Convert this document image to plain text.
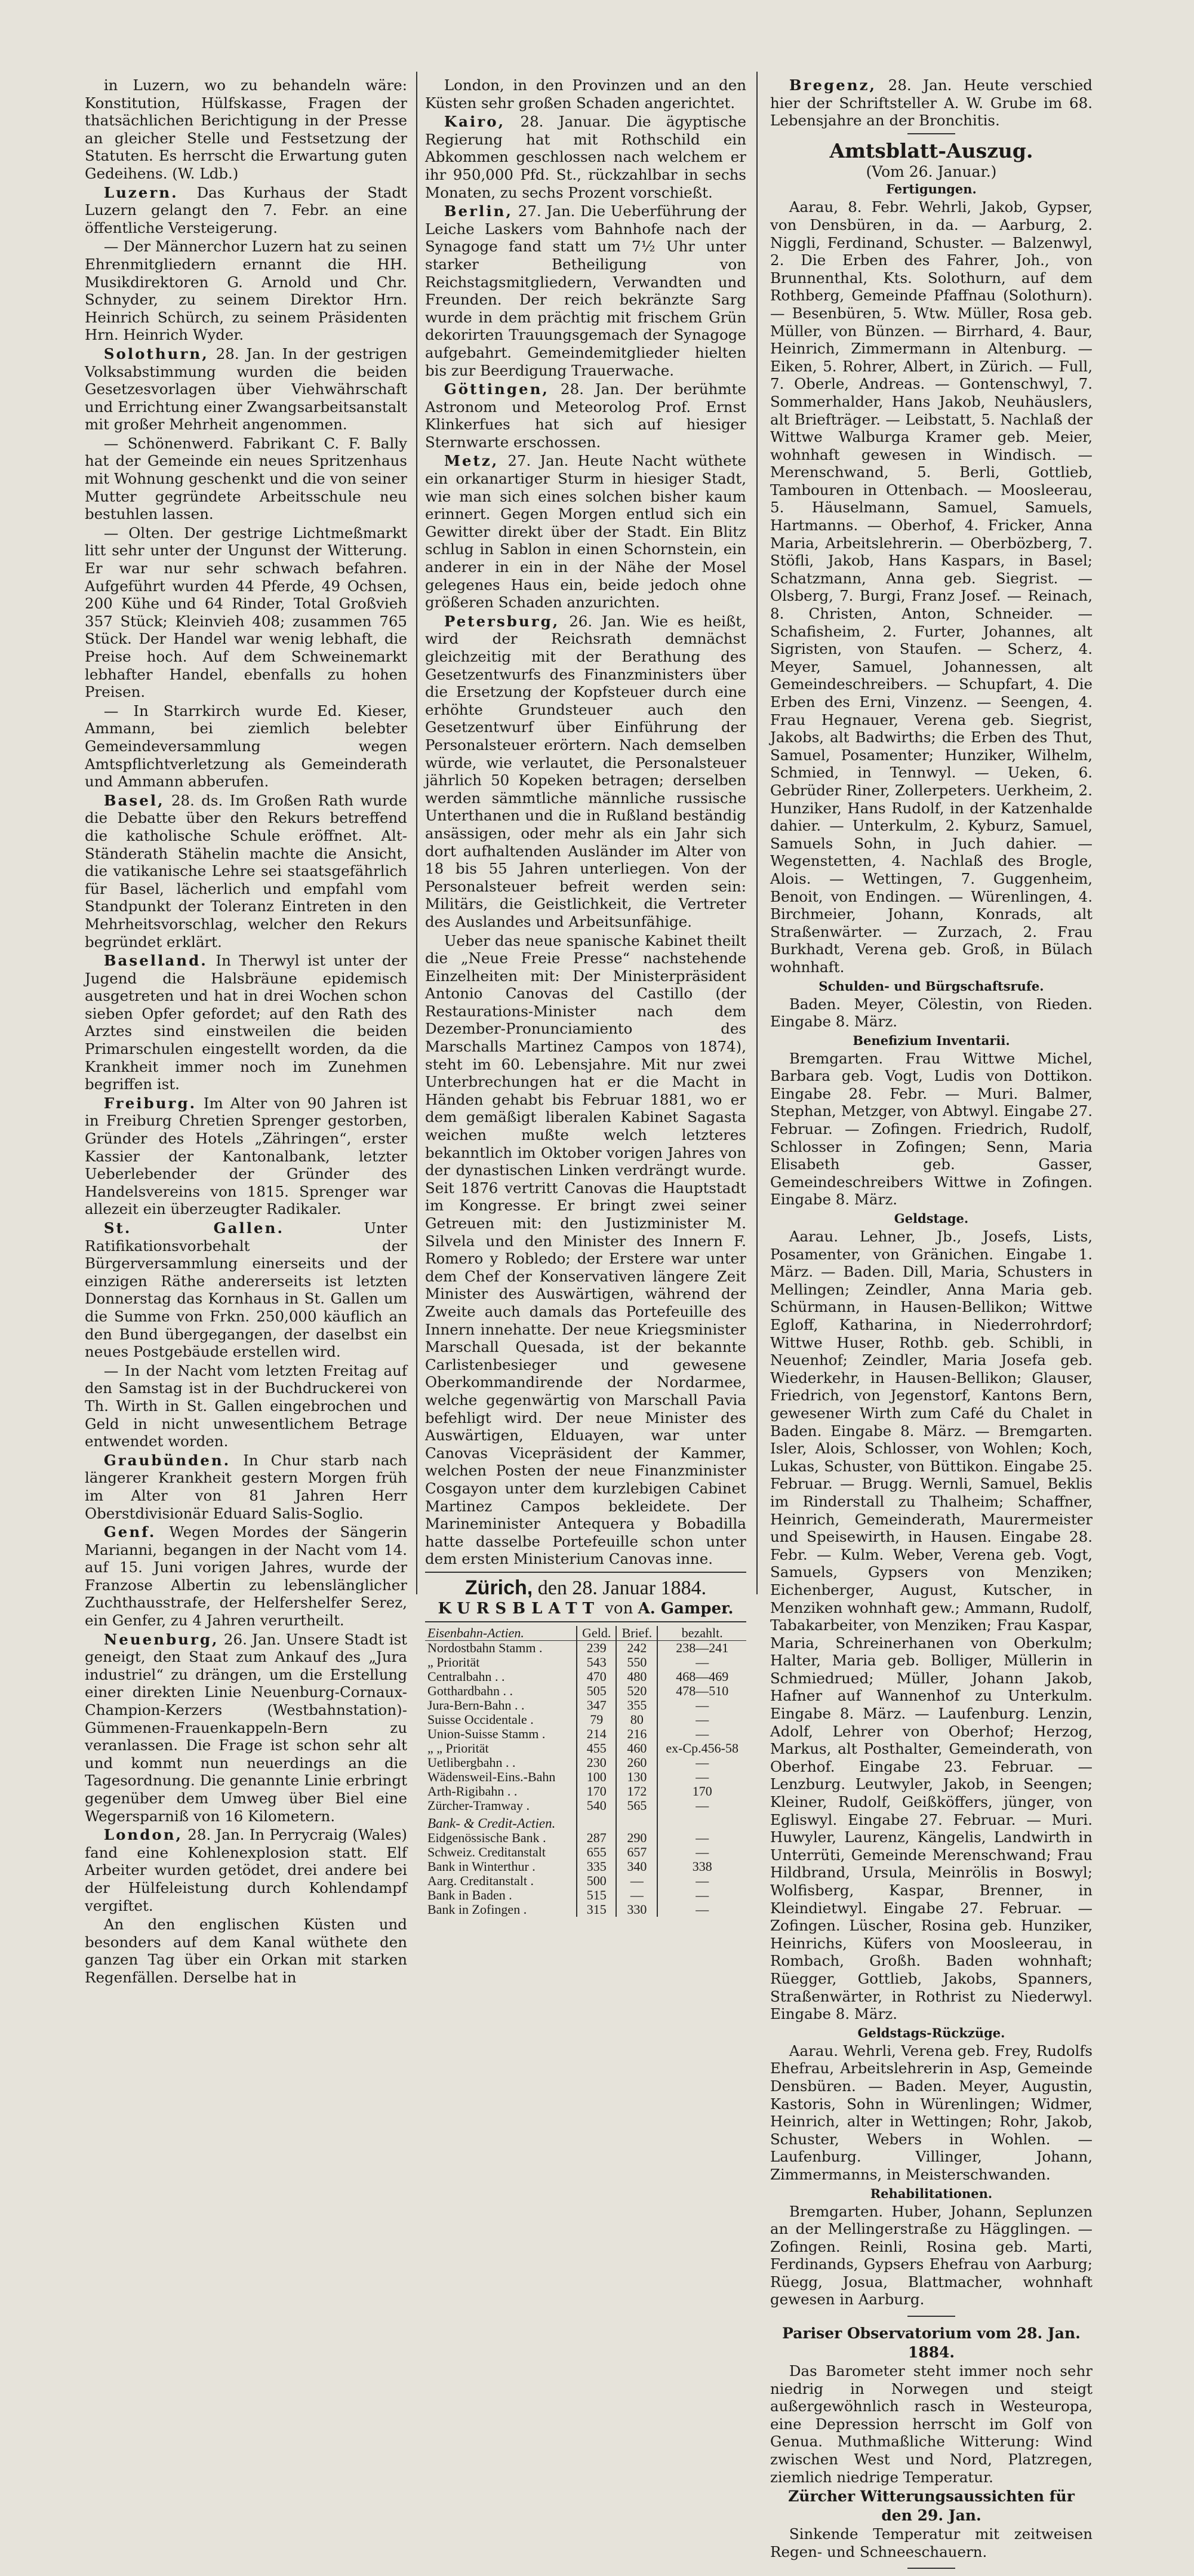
in Luzern, wo zu behandeln wäre: Konstitution, Hülfskasse, Fragen der thatsächlichen Berichtigung in der Presse an gleicher Stelle und Festsetzung der Statuten. Es herrscht die Erwartung guten Gedeihens. (W. Ldb.)

Luzern. Das Kurhaus der Stadt Luzern gelangt den 7. Febr. an eine öffentliche Versteigerung.

— Der Männerchor Luzern hat zu seinen Ehrenmitgliedern ernannt die HH. Musikdirektoren G. Arnold und Chr. Schnyder, zu seinem Direktor Hrn. Heinrich Schürch, zu seinem Präsidenten Hrn. Heinrich Wyder.

Solothurn, 28. Jan. In der gestrigen Volksabstimmung wurden die beiden Gesetzesvorlagen über Viehwährschaft und Errichtung einer Zwangsarbeitsanstalt mit großer Mehrheit angenommen.

— Schönenwerd. Fabrikant C. F. Bally hat der Gemeinde ein neues Spritzenhaus mit Wohnung geschenkt und die von seiner Mutter gegründete Arbeitsschule neu bestuhlen lassen.

— Olten. Der gestrige Lichtmeßmarkt litt sehr unter der Ungunst der Witterung. Er war nur sehr schwach befahren. Aufgeführt wurden 44 Pferde, 49 Ochsen, 200 Kühe und 64 Rinder, Total Großvieh 357 Stück; Kleinvieh 408; zusammen 765 Stück. Der Handel war wenig lebhaft, die Preise hoch. Auf dem Schweinemarkt lebhafter Handel, ebenfalls zu hohen Preisen.

— In Starrkirch wurde Ed. Kieser, Ammann, bei ziemlich belebter Gemeindeversammlung wegen Amtspflichtverletzung als Gemeinderath und Ammann abberufen.

Basel, 28. ds. Im Großen Rath wurde die Debatte über den Rekurs betreffend die katholische Schule eröffnet. Alt-Ständerath Stähelin machte die Ansicht, die vatikanische Lehre sei staatsgefährlich für Basel, lächerlich und empfahl vom Standpunkt der Toleranz Eintreten in den Mehrheitsvorschlag, welcher den Rekurs begründet erklärt.

Baselland. In Therwyl ist unter der Jugend die Halsbräune epidemisch ausgetreten und hat in drei Wochen schon sieben Opfer gefordet; auf den Rath des Arztes sind einstweilen die beiden Primarschulen eingestellt worden, da die Krankheit immer noch im Zunehmen begriffen ist.

Freiburg. Im Alter von 90 Jahren ist in Freiburg Chretien Sprenger gestorben, Gründer des Hotels „Zähringen“, erster Kassier der Kantonalbank, letzter Ueberlebender der Gründer des Handelsvereins von 1815. Sprenger war allezeit ein überzeugter Radikaler.

St. Gallen.	Unter Ratifikationsvorbehalt der Bürgerversammlung einerseits und der einzigen Räthe andererseits ist letzten Donnerstag das Kornhaus in St. Gallen um die Summe von Frkn. 250,000 käuflich an den Bund übergegangen, der daselbst ein neues Postgebäude erstellen wird.

— In der Nacht vom letzten Freitag auf den Samstag ist in der Buchdruckerei von Th. Wirth in St. Gallen eingebrochen und Geld in nicht unwesentlichem Betrage entwendet worden.

Graubünden. In Chur starb nach längerer Krankheit gestern Morgen früh im Alter von 81 Jahren Herr Oberstdivisionär Eduard Salis-Soglio.

Genf. Wegen Mordes der Sängerin Marianni, begangen in der Nacht vom 14. auf 15. Juni vorigen Jahres, wurde der Franzose Albertin zu lebenslänglicher Zuchthausstrafe, der Helfershelfer Serez, ein Genfer, zu 4 Jahren verurtheilt.

Neuenburg, 26. Jan. Unsere Stadt ist geneigt, den Staat zum Ankauf des „Jura industriel“ zu drängen, um die Erstellung einer direkten Linie Neuenburg-Cornaux-Champion-Kerzers (Westbahnstation)-Gümmenen-Frauenkappeln-Bern zu veranlassen. Die Frage ist schon sehr alt und kommt nun neuerdings an die Tagesordnung. Die genannte Linie erbringt gegenüber dem Umweg über Biel eine Wegersparniß von 16 Kilometern.

London, 28. Jan. In Perrycraig (Wales) fand eine Kohlenexplosion statt. Elf Arbeiter wurden getödet, drei andere bei der Hülfeleistung durch Kohlendampf vergiftet.

An den englischen Küsten und besonders auf dem Kanal wüthete den ganzen Tag über ein Orkan mit starken Regenfällen. Derselbe hat in

London, in den Provinzen und an den Küsten sehr großen Schaden angerichtet.

Kairo, 28. Januar. Die ägyptische Regierung hat mit Rothschild ein Abkommen geschlossen nach welchem er ihr 950,000 Pfd. St., rückzahlbar in sechs Monaten, zu sechs Prozent vorschießt.

Berlin, 27. Jan. Die Ueberführung der Leiche Laskers vom Bahnhofe nach der Synagoge fand statt um 7½ Uhr unter starker Betheiligung von Reichstagsmitgliedern, Verwandten und Freunden. Der reich bekränzte Sarg wurde in dem prächtig mit frischem Grün dekorirten Trauungsgemach der Synagoge aufgebahrt. Gemeindemitglieder hielten bis zur Beerdigung Trauerwache.

Göttingen, 28. Jan. Der berühmte Astronom und Meteorolog Prof. Ernst Klinkerfues hat sich auf hiesiger Sternwarte erschossen.

Metz, 27. Jan. Heute Nacht wüthete ein orkanartiger Sturm in hiesiger Stadt, wie man sich eines solchen bisher kaum erinnert. Gegen Morgen entlud sich ein Gewitter direkt über der Stadt. Ein Blitz schlug in Sablon in einen Schornstein, ein anderer in ein in der Nähe der Mosel gelegenes Haus ein, beide jedoch ohne größeren Schaden anzurichten.

Petersburg, 26. Jan. Wie es heißt, wird der Reichsrath demnächst gleichzeitig mit der Berathung des Gesetzentwurfs des Finanzministers über die Ersetzung der Kopfsteuer durch eine erhöhte Grundsteuer auch den Gesetzentwurf über Einführung der Personalsteuer erörtern. Nach demselben würde, wie verlautet, die Personalsteuer jährlich 50 Kopeken betragen; derselben werden sämmtliche männliche russische Unterthanen und die in Rußland beständig ansässigen, oder mehr als ein Jahr sich dort aufhaltenden Ausländer im Alter von 18 bis 55 Jahren unterliegen. Von der Personalsteuer befreit werden sein: Militärs, die Geistlichkeit, die Vertreter des Auslandes und Arbeitsunfähige.

Ueber das neue spanische Kabinet theilt die „Neue Freie Presse“ nachstehende Einzelheiten mit: Der Ministerpräsident Antonio Canovas del Castillo (der Restaurations-Minister nach dem Dezember-Pronunciamiento des Marschalls Martinez Campos von 1874), steht im 60. Lebensjahre. Mit nur zwei Unterbrechungen hat er die Macht in Händen gehabt bis Februar 1881, wo er dem gemäßigt liberalen Kabinet Sagasta weichen mußte welch letzteres bekanntlich im Oktober vorigen Jahres von der dynastischen Linken verdrängt wurde. Seit 1876 vertritt Canovas die Hauptstadt im Kongresse. Er bringt zwei seiner Getreuen mit: den Justizminister M. Silvela und den Minister des Innern F. Romero y Robledo; der Erstere war unter dem Chef der Konservativen längere Zeit Minister des Auswärtigen, während der Zweite auch damals das Portefeuille des Innern innehatte. Der neue Kriegsminister Marschall Quesada, ist der bekannte Carlistenbesieger und gewesene Oberkommandirende der Nordarmee, welche gegenwärtig von Marschall Pavia befehligt wird. Der neue Minister des Auswärtigen, Elduayen, war unter Canovas Vicepräsident der Kammer, welchen Posten der neue Finanzminister Cosgayon unter dem kurzlebigen Cabinet Martinez Campos bekleidete. Der Marineminister Antequera y Bobadilla hatte dasselbe Portefeuille schon unter dem ersten Ministerium Canovas inne.

Zürich, den 28. Januar 1884.
KURSBLATT von A. Gamper.
Eisenbahn-Actien.	Geld.	Brief.	bezahlt.
Nordostbahn Stamm .	239	242	238—241
„ Priorität	543	550	—
Centralbahn . .	470	480	468—469
Gotthardbahn . .	505	520	478—510
Jura-Bern-Bahn . .	347	355	—
Suisse Occidentale .	79	80	—
Union-Suisse Stamm .	214	216	—
„ „ Priorität	455	460	ex-Cp.456-58
Uetlibergbahn . .	230	260	—
Wädensweil-Eins.-Bahn	100	130	—
Arth-Rigibahn . .	170	172	170
Zürcher-Tramway .	540	565	—
Bank- & Credit-Actien.			
Eidgenössische Bank .	287	290	—
Schweiz. Creditanstalt	655	657	—
Bank in Winterthur .	335	340	338
Aarg. Creditanstalt .	500	—	—
Bank in Baden .	515	—	—
Bank in Zofingen .	315	330	—

Bregenz, 28. Jan. Heute verschied hier der Schriftsteller A. W. Grube im 68. Lebensjahre an der Bronchitis.

Amtsblatt-Auszug.
(Vom 26. Januar.)
Fertigungen.

Aarau, 8. Febr. Wehrli, Jakob, Gypser, von Densbüren, in da. — Aarburg, 2. Niggli, Ferdinand, Schuster. — Balzenwyl, 2. Die Erben des Fahrer, Joh., von Brunnenthal, Kts. Solothurn, auf dem Rothberg, Gemeinde Pfaffnau (Solothurn). — Besenbüren, 5. Wtw. Müller, Rosa geb. Müller, von Bünzen. — Birrhard, 4. Baur, Heinrich, Zimmermann in Altenburg. — Eiken, 5. Rohrer, Albert, in Zürich. — Full, 7. Oberle, Andreas. — Gontenschwyl, 7. Sommerhalder, Hans Jakob, Neuhäuslers, alt Briefträger. — Leibstatt, 5. Nachlaß der Wittwe Walburga Kramer geb. Meier, wohnhaft gewesen in Windisch. — Merenschwand, 5. Berli, Gottlieb, Tambouren in Ottenbach. — Moosleerau, 5. Häuselmann, Samuel, Samuels, Hartmanns. — Oberhof, 4. Fricker, Anna Maria, Arbeitslehrerin. — Oberbözberg, 7. Stöfli, Jakob, Hans Kaspars, in Basel; Schatzmann, Anna geb. Siegrist. — Olsberg, 7. Burgi, Franz Josef. — Reinach, 8. Christen, Anton, Schneider. — Schafisheim, 2. Furter, Johannes, alt Sigristen, von Staufen. — Scherz, 4. Meyer, Samuel, Johannessen, alt Gemeindeschreibers. — Schupfart, 4. Die Erben des Erni, Vinzenz. — Seengen, 4. Frau Hegnauer, Verena geb. Siegrist, Jakobs, alt Badwirths; die Erben des Thut, Samuel, Posamenter; Hunziker, Wilhelm, Schmied, in Tennwyl. — Ueken, 6. Gebrüder Riner, Zollerpeters. Uerkheim, 2. Hunziker, Hans Rudolf, in der Katzenhalde dahier. — Unterkulm, 2. Kyburz, Samuel, Samuels Sohn, in Juch dahier. — Wegenstetten, 4. Nachlaß des Brogle, Alois. — Wettingen, 7. Guggenheim, Benoit, von Endingen. — Würenlingen, 4. Birchmeier, Johann, Konrads, alt Straßenwärter. — Zurzach, 2. Frau Burkhadt, Verena geb. Groß, in Bülach wohnhaft.

Schulden- und Bürgschaftsrufe.

Baden. Meyer, Cölestin, von Rieden. Eingabe 8. März.

Benefizium Inventarii.

Bremgarten. Frau Wittwe Michel, Barbara geb. Vogt, Ludis von Dottikon. Eingabe 28. Febr. — Muri. Balmer, Stephan, Metzger, von Abtwyl. Eingabe 27. Februar. — Zofingen. Friedrich, Rudolf, Schlosser in Zofingen; Senn, Maria Elisabeth geb. Gasser, Gemeindeschreibers Wittwe in Zofingen. Eingabe 8. März.

Geldstage.

Aarau. Lehner, Jb., Josefs, Lists, Posamenter, von Gränichen. Eingabe 1. März. — Baden. Dill, Maria, Schusters in Mellingen; Zeindler, Anna Maria geb. Schürmann, in Hausen-Bellikon; Wittwe Egloff, Katharina, in Niederrohrdorf; Wittwe Huser, Rothb. geb. Schibli, in Neuenhof; Zeindler, Maria Josefa geb. Wiederkehr, in Hausen-Bellikon; Glauser, Friedrich, von Jegenstorf, Kantons Bern, gewesener Wirth zum Café du Chalet in Baden. Eingabe 8. März. — Bremgarten. Isler, Alois, Schlosser, von Wohlen; Koch, Lukas, Schuster, von Büttikon. Eingabe 25. Februar. — Brugg. Wernli, Samuel, Beklis im Rinderstall zu Thalheim; Schaffner, Heinrich, Gemeinderath, Maurermeister und Speisewirth, in Hausen. Eingabe 28. Febr. — Kulm. Weber, Verena geb. Vogt, Samuels, Gypsers von Menziken; Eichenberger, August, Kutscher, in Menziken wohnhaft gew.; Ammann, Rudolf, Tabakarbeiter, von Menziken; Frau Kaspar, Maria, Schreinerhanen von Oberkulm; Halter, Maria geb. Bolliger, Müllerin in Schmiedrued; Müller, Johann Jakob, Hafner auf Wannenhof zu Unterkulm. Eingabe 8. März. — Laufenburg. Lenzin, Adolf, Lehrer von Oberhof; Herzog, Markus, alt Posthalter, Gemeinderath, von Oberhof. Eingabe 23. Februar. — Lenzburg. Leutwyler, Jakob, in Seengen; Kleiner, Rudolf, Geißköffers, jünger, von Egliswyl. Eingabe 27. Februar. — Muri. Huwyler, Laurenz, Kängelis, Landwirth in Unterrüti, Gemeinde Merenschwand; Frau Hildbrand, Ursula, Meinrölis in Boswyl; Wolfisberg, Kaspar, Brenner, in Kleindietwyl. Eingabe 27. Februar. — Zofingen. Lüscher, Rosina geb. Hunziker, Heinrichs, Küfers von Moosleerau, in Rombach, Großh. Baden wohnhaft; Rüegger, Gottlieb, Jakobs, Spanners, Straßenwärter, in Rothrist zu Niederwyl. Eingabe 8. März.

Geldstags-Rückzüge.

Aarau. Wehrli, Verena geb. Frey, Rudolfs Ehefrau, Arbeitslehrerin in Asp, Gemeinde Densbüren. — Baden. Meyer, Augustin, Kastoris, Sohn in Würenlingen; Widmer, Heinrich, alter in Wettingen; Rohr, Jakob, Schuster, Webers in Wohlen. — Laufenburg. Villinger, Johann, Zimmermanns, in Meisterschwanden.

Rehabilitationen.

Bremgarten. Huber, Johann, Seplunzen an der Mellingerstraße zu Hägglingen. — Zofingen. Reinli, Rosina geb. Marti, Ferdinands, Gypsers Ehefrau von Aarburg; Rüegg, Josua, Blattmacher, wohnhaft gewesen in Aarburg.

Pariser Observatorium vom 28. Jan. 1884.

Das Barometer steht immer noch sehr niedrig in Norwegen und steigt außergewöhnlich rasch in Westeuropa, eine Depression herrscht im Golf von Genua. Muthmaßliche Witterung: Wind zwischen West und Nord, Platzregen, ziemlich niedrige Temperatur.

Zürcher Witterungsaussichten für den 29. Jan.

Sinkende Temperatur mit zeitweisen Regen- und Schneeschauern.
